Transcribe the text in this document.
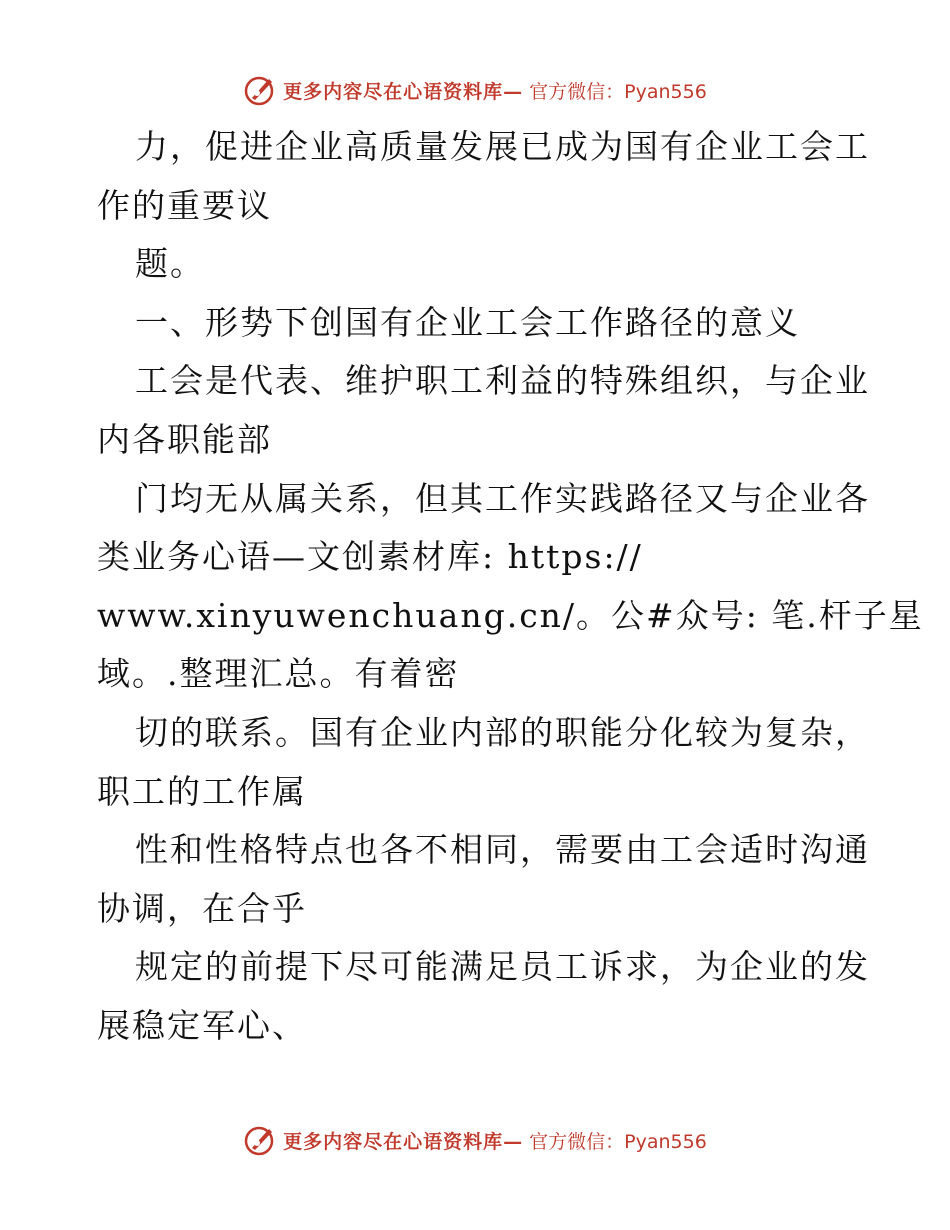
更多内容尽在心语资料库— 官方微信：Pyan556
力，促进企业高质量发展已成为国有企业工会工
作的重要议
题。
一、形势下创国有企业工会工作路径的意义
工会是代表、维护职工利益的特殊组织，与企业
内各职能部
门均无从属关系，但其工作实践路径又与企业各
类业务心语—文创素材库: https://
www.xinyuwenchuang.cn/。公#众号: 笔.杆子星
域。.整理汇总。有着密
切的联系。国有企业内部的职能分化较为复杂，
职工的工作属
性和性格特点也各不相同，需要由工会适时沟通
协调，在合乎
规定的前提下尽可能满足员工诉求，为企业的发
展稳定军心、
更多内容尽在心语资料库— 官方微信：Pyan556
